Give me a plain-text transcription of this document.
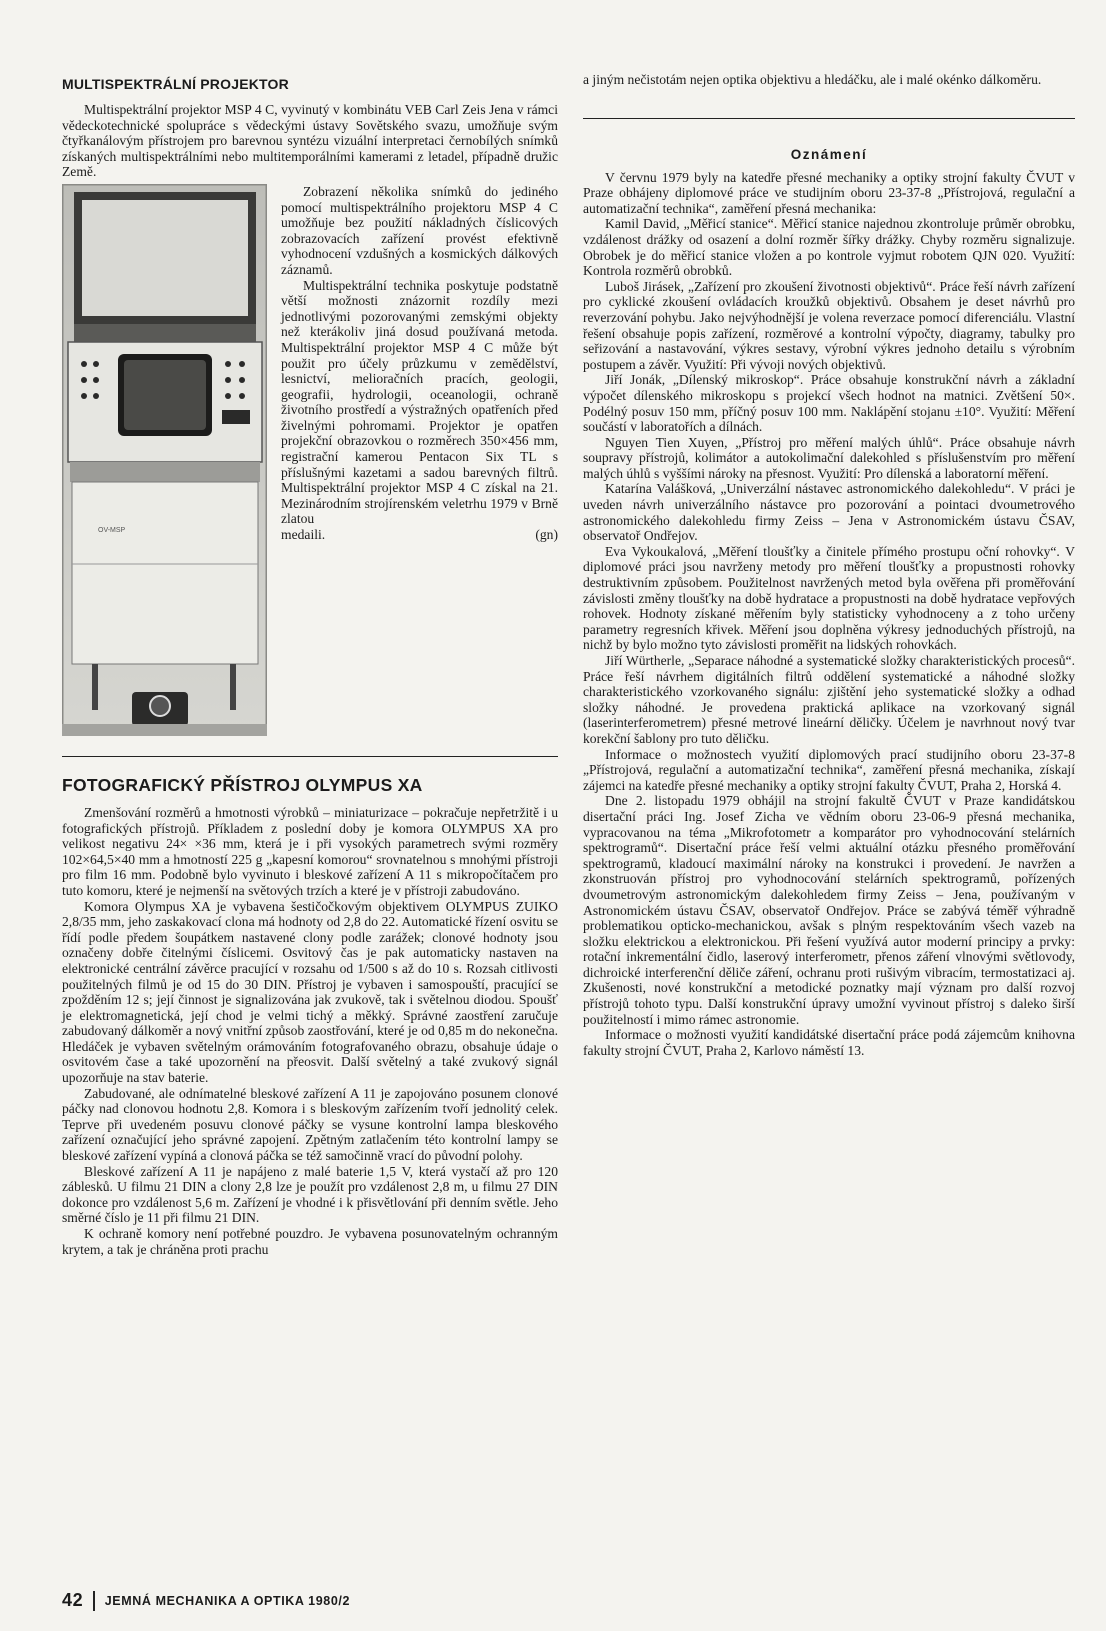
MULTISPEKTRÁLNÍ PROJEKTOR

Multispektrální projektor MSP 4 C, vyvinutý v kombinátu VEB Carl Zeis Jena v rámci vědeckotechnické spolupráce s vědeckými ústavy Sovětského svazu, umožňuje svým čtyřkanálovým přístrojem pro barevnou syntézu vizuální interpretaci černobílých snímků získaných multispektrálními nebo multitemporálními kamerami z letadel, případně družic Země.

OV-MSP

Zobrazení několika snímků do jediného pomocí multispektrálního projektoru MSP 4 C umožňuje bez použití nákladných číslicových zobrazovacích zařízení provést efektivně vyhodnocení vzdušných a kosmických dálkových záznamů.

Multispektrální technika poskytuje podstatně větší možnosti znázornit rozdíly mezi jednotlivými pozorovanými zemskými objekty než kterákoliv jiná dosud používaná metoda. Multispektrální projektor MSP 4 C může být použit pro účely průzkumu v zemědělství, lesnictví, melioračních pracích, geologii, geografii, hydrologii, oceanologii, ochraně životního prostředí a výstražných opatřeních před živelnými pohromami. Projektor je opatřen projekční obrazovkou o rozměrech 350×456 mm, registrační kamerou Pentacon Six TL s příslušnými kazetami a sadou barevných filtrů. Multispektrální projektor MSP 4 C získal na 21. Mezinárodním strojírenském veletrhu 1979 v Brně zlatou

medaili.	(gn)

FOTOGRAFICKÝ PŘÍSTROJ OLYMPUS XA

Zmenšování rozměrů a hmotnosti výrobků – miniaturizace – pokračuje nepřetržitě i u fotografických přístrojů. Příkladem z poslední doby je komora OLYMPUS XA pro velikost negativu 24× ×36 mm, která je i při vysokých parametrech svými rozměry 102×64,5×40 mm a hmotností 225 g „kapesní komorou“ srovnatelnou s mnohými přístroji pro film 16 mm. Podobně bylo vyvinuto i bleskové zařízení A 11 s mikropočítačem pro tuto komoru, které je nejmenší na světových trzích a které je v přístroji zabudováno.

Komora Olympus XA je vybavena šestičočkovým objektivem OLYMPUS ZUIKO 2,8/35 mm, jeho zaskakovací clona má hodnoty od 2,8 do 22. Automatické řízení osvitu se řídí podle předem šoupátkem nastavené clony podle zarážek; clonové hodnoty jsou označeny dobře čitelnými číslicemi. Osvitový čas je pak automaticky nastaven na elektronické centrální závěrce pracující v rozsahu od 1/500 s až do 10 s. Rozsah citlivosti použitelných filmů je od 15 do 30 DIN. Přístroj je vybaven i samospouští, pracující se zpožděním 12 s; její činnost je signalizována jak zvukově, tak i světelnou diodou. Spoušť je elektromagnetická, její chod je velmi tichý a měkký. Správné zaostření zaručuje zabudovaný dálkoměr a nový vnitřní způsob zaostřování, které je od 0,85 m do nekonečna. Hledáček je vybaven světelným orámováním fotografovaného obrazu, obsahuje údaje o osvitovém čase a také upozornění na přeosvit. Další světelný a také zvukový signál upozorňuje na stav baterie.

Zabudované, ale odnímatelné bleskové zařízení A 11 je zapojováno posunem clonové páčky nad clonovou hodnotu 2,8. Komora i s bleskovým zařízením tvoří jednolitý celek. Teprve při uvedeném posuvu clonové páčky se vysune kontrolní lampa bleskového zařízení označující jeho správné zapojení. Zpětným zatlačením této kontrolní lampy se bleskové zařízení vypíná a clonová páčka se též samočinně vrací do původní polohy.

Bleskové zařízení A 11 je napájeno z malé baterie 1,5 V, která vystačí až pro 120 záblesků. U filmu 21 DIN a clony 2,8 lze je použít pro vzdálenost 2,8 m, u filmu 27 DIN dokonce pro vzdálenost 5,6 m. Zařízení je vhodné i k přisvětlování při denním světle. Jeho směrné číslo je 11 při filmu 21 DIN.

K ochraně komory není potřebné pouzdro. Je vybavena posunovatelným ochranným krytem, a tak je chráněna proti prachu

a jiným nečistotám nejen optika objektivu a hledáčku, ale i malé okénko dálkoměru.

Oznámení

V červnu 1979 byly na katedře přesné mechaniky a optiky strojní fakulty ČVUT v Praze obhájeny diplomové práce ve studijním oboru 23-37-8 „Přístrojová, regulační a automatizační technika“, zaměření přesná mechanika:

Kamil David, „Měřicí stanice“. Měřicí stanice najednou zkontroluje průměr obrobku, vzdálenost drážky od osazení a dolní rozměr šířky drážky. Chyby rozměru signalizuje. Obrobek je do měřicí stanice vložen a po kontrole vyjmut robotem QJN 020. Využití: Kontrola rozměrů obrobků.

Luboš Jirásek, „Zařízení pro zkoušení životnosti objektivů“. Práce řeší návrh zařízení pro cyklické zkoušení ovládacích kroužků objektivů. Obsahem je deset návrhů pro reverzování pohybu. Jako nejvýhodnější je volena reverzace pomocí diferenciálu. Vlastní řešení obsahuje popis zařízení, rozměrové a kontrolní výpočty, diagramy, tabulky pro seřizování a nastavování, výkres sestavy, výrobní výkres jednoho detailu s výrobním postupem a závěr. Využití: Při vývoji nových objektivů.

Jiří Jonák, „Dílenský mikroskop“. Práce obsahuje konstrukční návrh a základní výpočet dílenského mikroskopu s projekcí všech hodnot na matnici. Zvětšení 50×. Podélný posuv 150 mm, příčný posuv 100 mm. Naklápění stojanu ±10°. Využití: Měření součástí v laboratořích a dílnách.

Nguyen Tien Xuyen, „Přístroj pro měření malých úhlů“. Práce obsahuje návrh soupravy přístrojů, kolimátor a autokolimační dalekohled s příslušenstvím pro měření malých úhlů s vyššími nároky na přesnost. Využití: Pro dílenská a laboratorní měření.

Katarína Valášková, „Univerzální nástavec astronomického dalekohledu“. V práci je uveden návrh univerzálního nástavce pro pozorování a pointaci dvoumetrového astronomického dalekohledu firmy Zeiss – Jena v Astronomickém ústavu ČSAV, observatoř Ondřejov.

Eva Vykoukalová, „Měření tloušťky a činitele přímého prostupu oční rohovky“. V diplomové práci jsou navrženy metody pro měření tloušťky a propustnosti rohovky destruktivním způsobem. Použitelnost navržených metod byla ověřena při proměřování závislosti změny tloušťky na době hydratace a propustnosti na době hydratace vepřových rohovek. Hodnoty získané měřením byly statisticky vyhodnoceny a z toho určeny parametry regresních křivek. Měření jsou doplněna výkresy jednoduchých přístrojů, na nichž by bylo možno tyto závislosti proměřit na lidských rohovkách.

Jiří Würtherle, „Separace náhodné a systematické složky charakteristických procesů“. Práce řeší návrhem digitálních filtrů oddělení systematické a náhodné složky charakteristického vzorkovaného signálu: zjištění jeho systematické složky a odhad složky náhodné. Je provedena praktická aplikace na vzorkovaný signál (laserinterferometrem) přesné metrové lineární děličky. Účelem je navrhnout nový tvar korekční šablony pro tuto děličku.

Informace o možnostech využití diplomových prací studijního oboru 23-37-8 „Přístrojová, regulační a automatizační technika“, zaměření přesná mechanika, získají zájemci na katedře přesné mechaniky a optiky strojní fakulty ČVUT, Praha 2, Horská 4.

Dne 2. listopadu 1979 obhájil na strojní fakultě ČVUT v Praze kandidátskou disertační práci Ing. Josef Zicha ve vědním oboru 23-06-9 přesná mechanika, vypracovanou na téma „Mikrofotometr a komparátor pro vyhodnocování stelárních spektrogramů“. Disertační práce řeší velmi aktuální otázku přesného proměřování spektrogramů, kladoucí maximální nároky na konstrukci i provedení. Je navržen a zkonstruován přístroj pro vyhodnocování stelárních spektrogramů, pořízených dvoumetrovým astronomickým dalekohledem firmy Zeiss – Jena, používaným v Astronomickém ústavu ČSAV, observatoř Ondřejov. Práce se zabývá téměř výhradně problematikou opticko-mechanickou, avšak s plným respektováním všech vazeb na složku elektrickou a elektronickou. Při řešení využívá autor moderní principy a prvky: rotační inkrementální čidlo, laserový interferometr, přenos záření vlnovými světlovody, dichroické interferenční děliče záření, ochranu proti rušivým vibracím, termostatizaci aj. Zkušenosti, nové konstrukční a metodické poznatky mají význam pro další rozvoj přístrojů tohoto typu. Další konstrukční úpravy umožní vyvinout přístroj s daleko širší použitelností i mimo rámec astronomie.

Informace o možnosti využití kandidátské disertační práce podá zájemcům knihovna fakulty strojní ČVUT, Praha 2, Karlovo náměstí 13.

42 JEMNÁ MECHANIKA A OPTIKA 1980/2
